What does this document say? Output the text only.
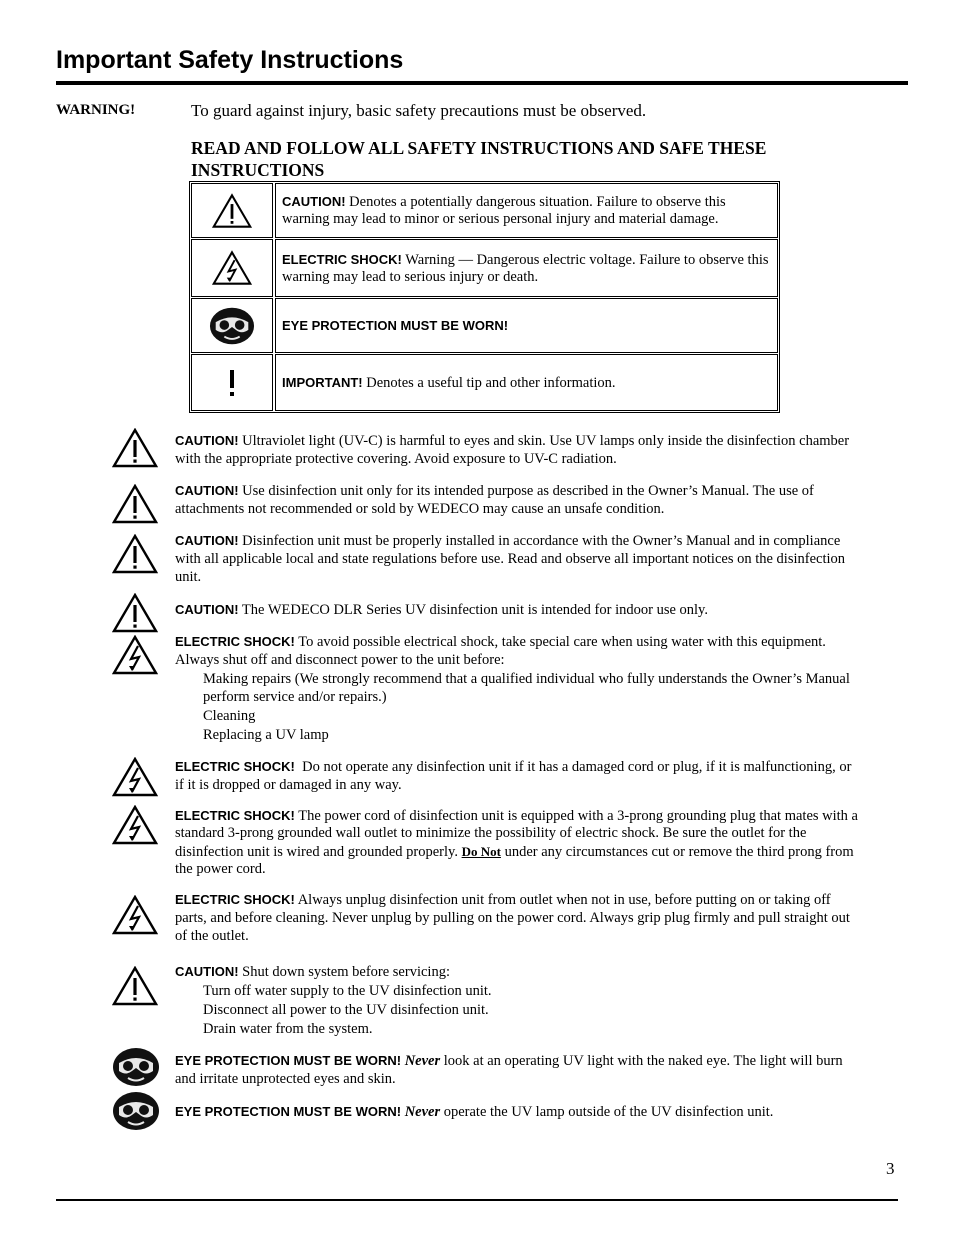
Important Safety Instructions
WARNING!	To guard against injury, basic safety precautions must be observed.
READ AND FOLLOW ALL SAFETY INSTRUCTIONS AND SAFE THESE INSTRUCTIONS
CAUTION! Denotes a potentially dangerous situation. Failure to observe this warning may lead to minor or serious personal injury and material damage.
ELECTRIC SHOCK! Warning — Dangerous electric voltage. Failure to observe this warning may lead to serious injury or death.
EYE PROTECTION MUST BE WORN!
IMPORTANT! Denotes a useful tip and other information.
CAUTION! Ultraviolet light (UV-C) is harmful to eyes and skin. Use UV lamps only inside the disinfection chamber with the appropriate protective covering. Avoid exposure to UV-C radiation.
CAUTION! Use disinfection unit only for its intended purpose as described in the Owner’s Manual. The use of attachments not recommended or sold by WEDECO may cause an unsafe condition.
CAUTION! Disinfection unit must be properly installed in accordance with the Owner’s Manual and in compliance with all applicable local and state regulations before use. Read and observe all important notices on the disinfection unit.
CAUTION! The WEDECO DLR Series UV disinfection unit is intended for indoor use only.
ELECTRIC SHOCK! To avoid possible electrical shock, take special care when using water with this equipment. Always shut off and disconnect power to the unit before:
Making repairs (We strongly recommend that a qualified individual who fully understands the Owner’s Manual perform service and/or repairs.)
Cleaning
Replacing a UV lamp
ELECTRIC SHOCK!  Do not operate any disinfection unit if it has a damaged cord or plug, if it is malfunctioning, or if it is dropped or damaged in any way.
ELECTRIC SHOCK! The power cord of disinfection unit is equipped with a 3-prong grounding plug that mates with a standard 3-prong grounded wall outlet to minimize the possibility of electric shock. Be sure the outlet for the disinfection unit is wired and grounded properly. Do Not under any circumstances cut or remove the third prong from the power cord.
ELECTRIC SHOCK! Always unplug disinfection unit from outlet when not in use, before putting on or taking off parts, and before cleaning. Never unplug by pulling on the power cord. Always grip plug firmly and pull straight out of the outlet.
CAUTION! Shut down system before servicing:
Turn off water supply to the UV disinfection unit.
Disconnect all power to the UV disinfection unit.
Drain water from the system.
EYE PROTECTION MUST BE WORN! Never look at an operating UV light with the naked eye. The light will burn and irritate unprotected eyes and skin.
EYE PROTECTION MUST BE WORN! Never operate the UV lamp outside of the UV disinfection unit.
3
